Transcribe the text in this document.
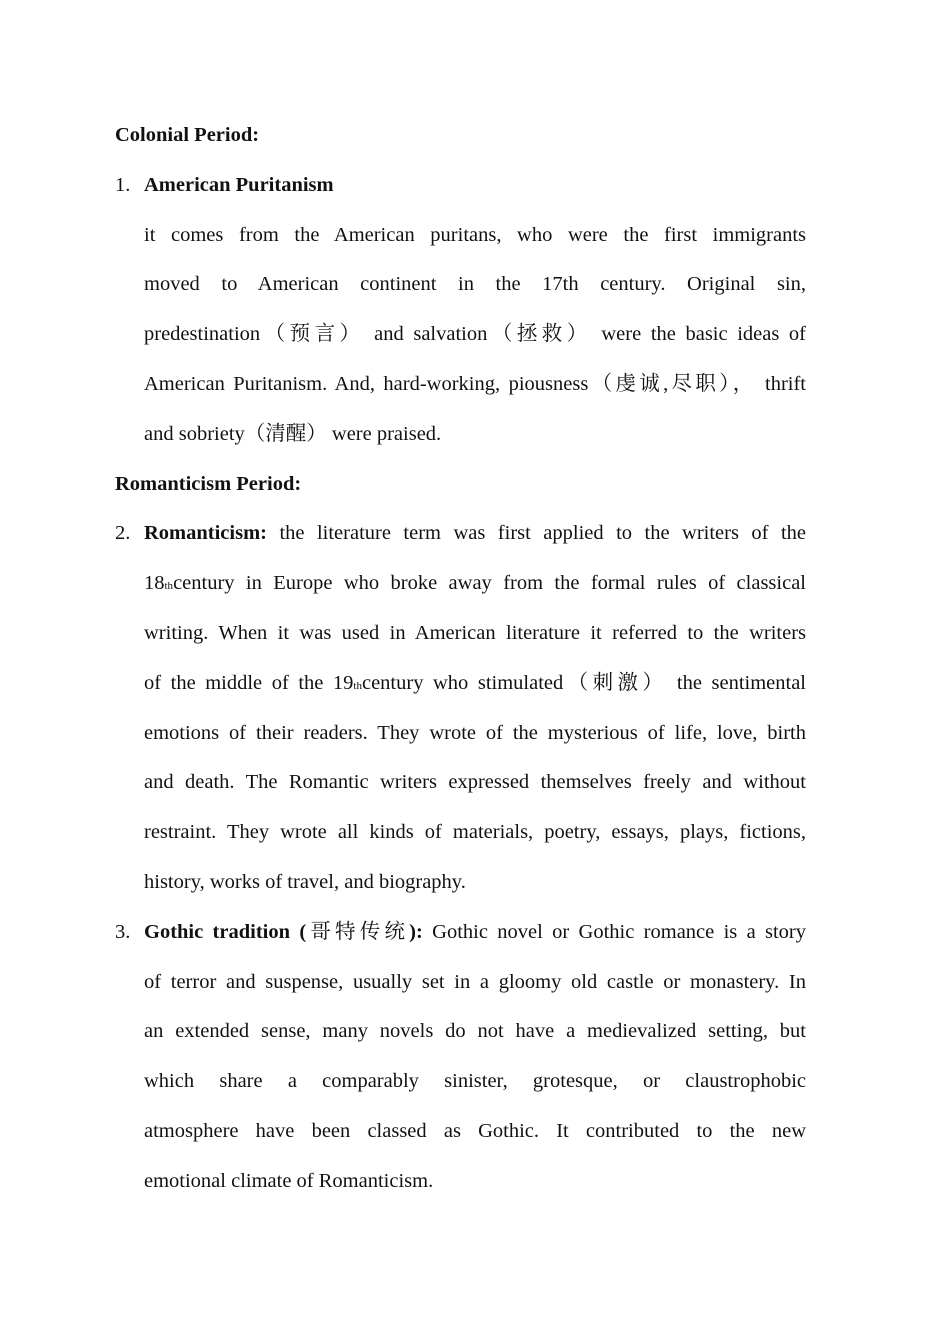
Colonial Period:
1. American Puritanism
it comes from the American puritans, who were the first immigrants
moved to American continent in the 17th century. Original sin,
predestination（预言） and salvation（拯救） were the basic ideas of
American Puritanism. And, hard-working, piousness（虔诚,尽职）， thrift
and sobriety（清醒） were praised.
Romanticism Period:
2. Romanticism: the literature term was first applied to the writers of the
18thcentury in Europe who broke away from the formal rules of classical
writing. When it was used in American literature it referred to the writers
of the middle of the 19thcentury who stimulated（刺激） the sentimental
emotions of their readers. They wrote of the mysterious of life, love, birth
and death. The Romantic writers expressed themselves freely and without
restraint. They wrote all kinds of materials, poetry, essays, plays, fictions,
history, works of travel, and biography.
3. Gothic tradition (哥特传统): Gothic novel or Gothic romance is a story
of terror and suspense, usually set in a gloomy old castle or monastery. In
an extended sense, many novels do not have a medievalized setting, but
which share a comparably sinister, grotesque, or claustrophobic
atmosphere have been classed as Gothic. It contributed to the new
emotional climate of Romanticism.
